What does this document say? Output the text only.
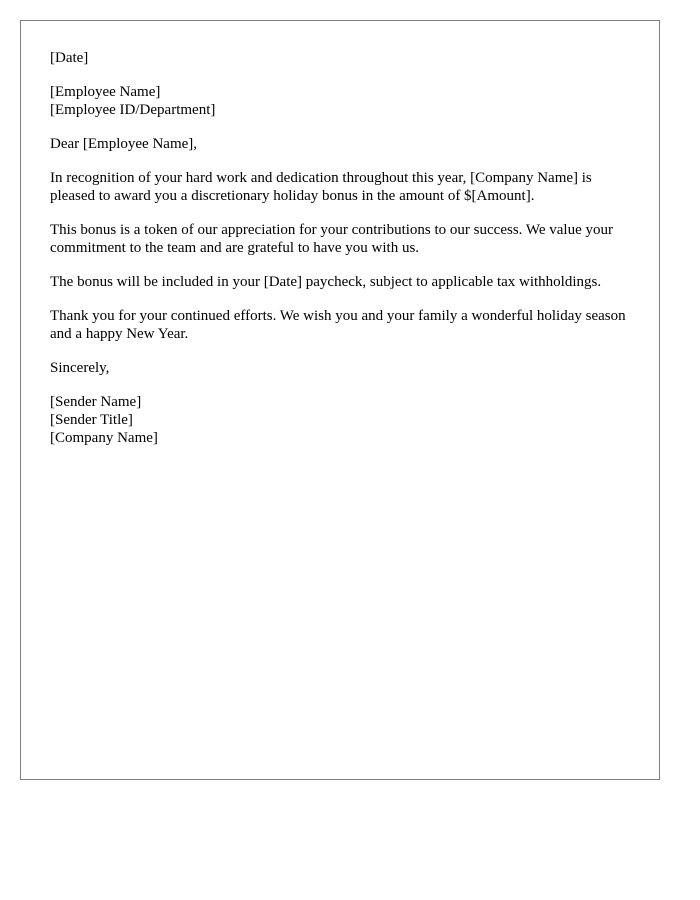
[Date]

[Employee Name]
[Employee ID/Department]

Dear [Employee Name],

In recognition of your hard work and dedication throughout this year, [Company Name] is pleased to award you a discretionary holiday bonus in the amount of $[Amount].

This bonus is a token of our appreciation for your contributions to our success. We value your commitment to the team and are grateful to have you with us.

The bonus will be included in your [Date] paycheck, subject to applicable tax withholdings.

Thank you for your continued efforts. We wish you and your family a wonderful holiday season and a happy New Year.

Sincerely,

[Sender Name]
[Sender Title]
[Company Name]
